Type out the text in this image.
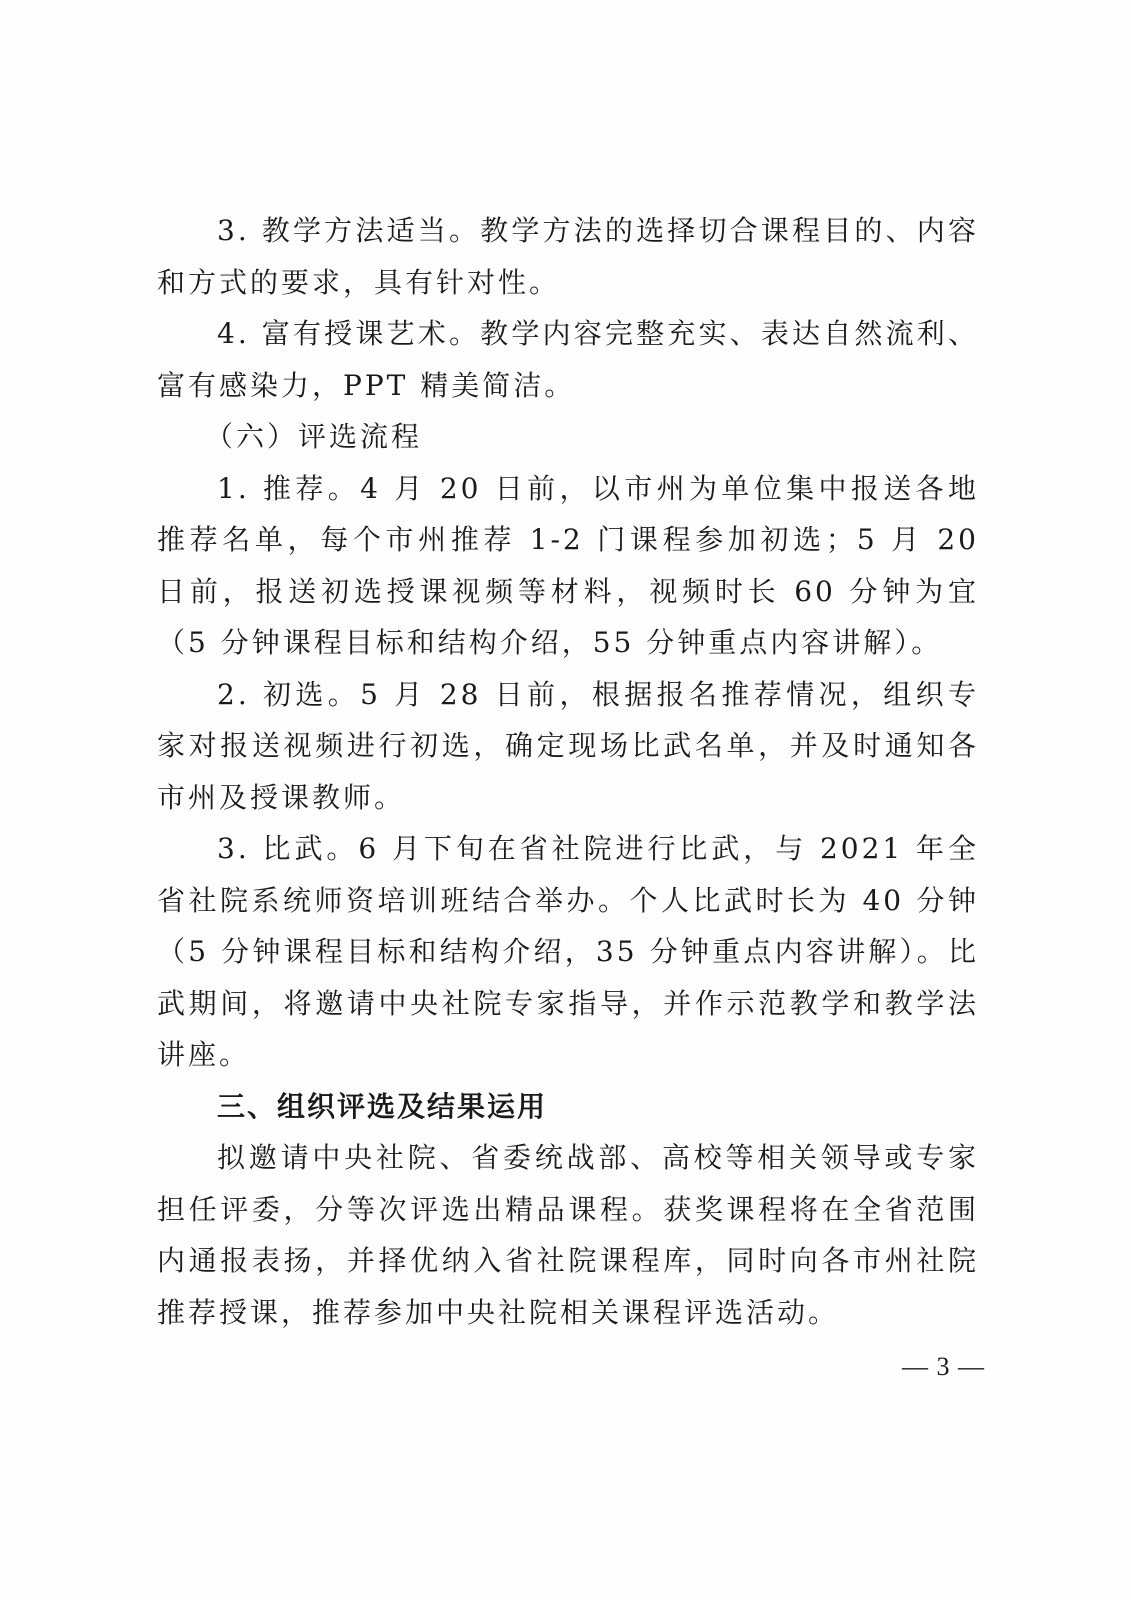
3. 教学方法适当。教学方法的选择切合课程目的、内容和方式的要求，具有针对性。

4. 富有授课艺术。教学内容完整充实、表达自然流利、富有感染力，PPT 精美简洁。

（六）评选流程

1. 推荐。4 月 20 日前，以市州为单位集中报送各地推荐名单，每个市州推荐 1-2 门课程参加初选；5 月 20 日前，报送初选授课视频等材料，视频时长 60 分钟为宜（5 分钟课程目标和结构介绍，55 分钟重点内容讲解）。

2. 初选。5 月 28 日前，根据报名推荐情况，组织专家对报送视频进行初选，确定现场比武名单，并及时通知各市州及授课教师。

3. 比武。6 月下旬在省社院进行比武，与 2021 年全省社院系统师资培训班结合举办。个人比武时长为 40 分钟（5 分钟课程目标和结构介绍，35 分钟重点内容讲解）。比武期间，将邀请中央社院专家指导，并作示范教学和教学法讲座。

三、组织评选及结果运用

拟邀请中央社院、省委统战部、高校等相关领导或专家担任评委，分等次评选出精品课程。获奖课程将在全省范围内通报表扬，并择优纳入省社院课程库，同时向各市州社院推荐授课，推荐参加中央社院相关课程评选活动。

— 3 —
